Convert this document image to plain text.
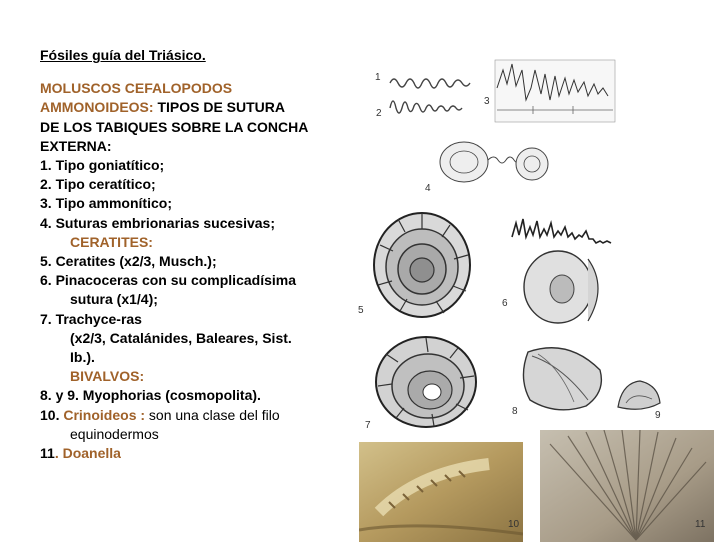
Fósiles guía del Triásico.
MOLUSCOS CEFALOPODOS
AMMONOIDEOS: TIPOS DE SUTURA
DE LOS TABIQUES SOBRE LA CONCHA
EXTERNA:
1. Tipo goniatítico;
2. Tipo ceratítico;
3. Tipo ammonítico;
4. Suturas embrionarias sucesivas;
CERATITES:
5. Ceratites (x2/3, Musch.);
6. Pinacoceras con su complicadísima
sutura (x1/4);
7. Trachyce-ras
(x2/3, Catalánides, Baleares, Sist.
Ib.).
BIVALVOS:
8. y 9. Myophorias (cosmopolita).
10. Crinoideos : son una clase del filo
equinodermos
11. Doanella
1
2
3
4
5
6
7
8	9
10	11
